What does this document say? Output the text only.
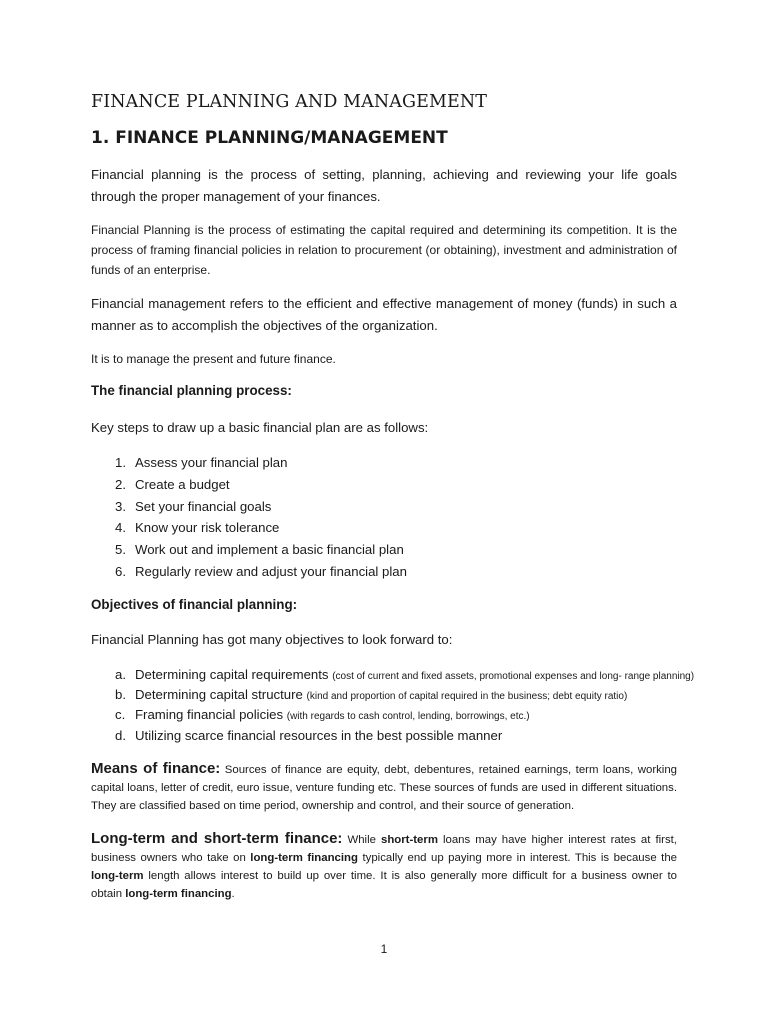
FINANCE PLANNING AND MANAGEMENT
1. FINANCE PLANNING/MANAGEMENT
Financial planning is the process of setting, planning, achieving and reviewing your life goals through the proper management of your finances.
Financial Planning is the process of estimating the capital required and determining its competition. It is the process of framing financial policies in relation to procurement (or obtaining), investment and administration of funds of an enterprise.
Financial management refers to the efficient and effective management of money (funds) in such a manner as to accomplish the objectives of the organization.
It is to manage the present and future finance.
The financial planning process:
Key steps to draw up a basic financial plan are as follows:
1. Assess your financial plan
2. Create a budget
3. Set your financial goals
4. Know your risk tolerance
5. Work out and implement a basic financial plan
6. Regularly review and adjust your financial plan
Objectives of financial planning:
Financial Planning has got many objectives to look forward to:
a. Determining capital requirements (cost of current and fixed assets, promotional expenses and long- range planning)
b. Determining capital structure (kind and proportion of capital required in the business; debt equity ratio)
c. Framing financial policies (with regards to cash control, lending, borrowings, etc.)
d. Utilizing scarce financial resources in the best possible manner
Means of finance: Sources of finance are equity, debt, debentures, retained earnings, term loans, working capital loans, letter of credit, euro issue, venture funding etc. These sources of funds are used in different situations. They are classified based on time period, ownership and control, and their source of generation.
Long-term and short-term finance: While short-term loans may have higher interest rates at first, business owners who take on long-term financing typically end up paying more in interest. This is because the long-term length allows interest to build up over time. It is also generally more difficult for a business owner to obtain long-term financing.
1
